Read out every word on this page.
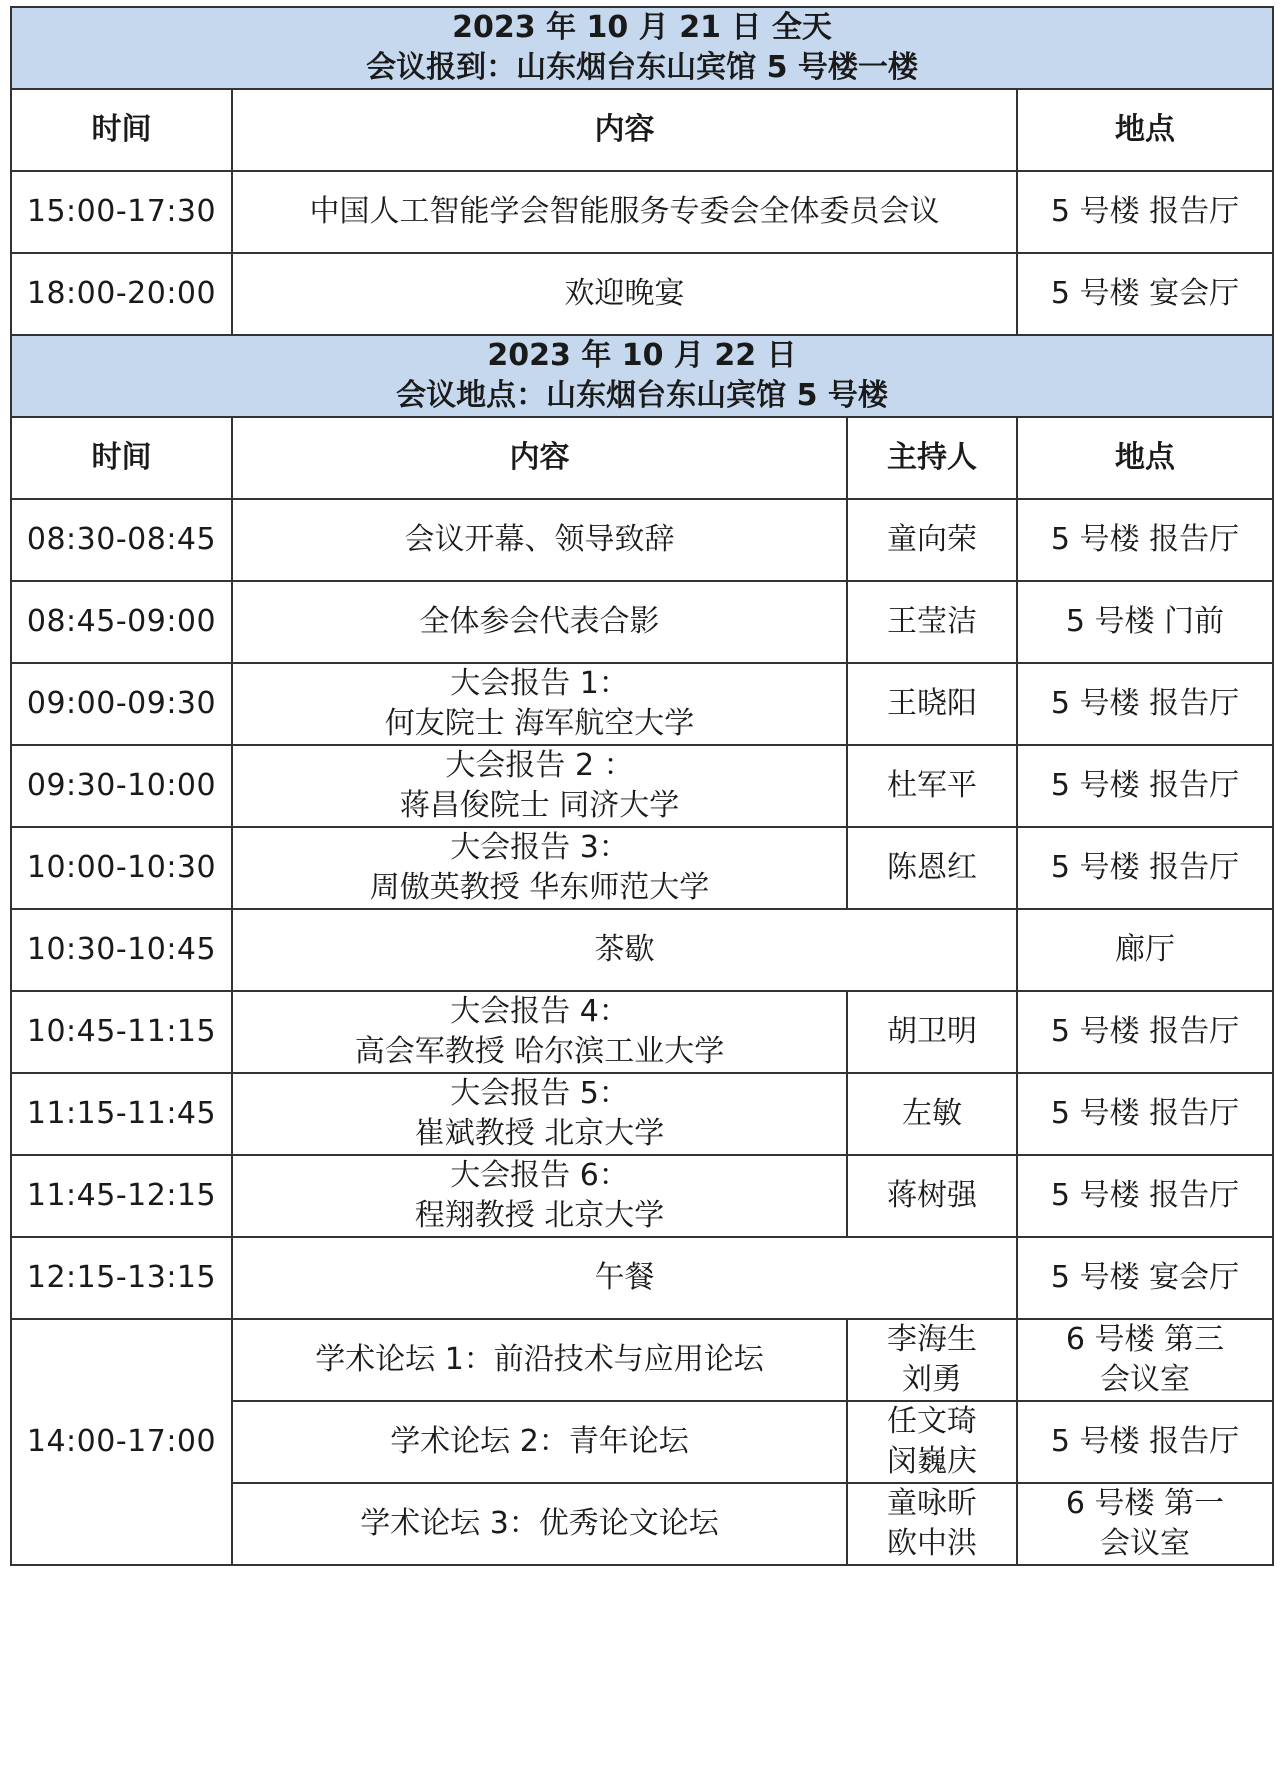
2023 年 10 月 21 日 全天
会议报到：山东烟台东山宾馆 5 号楼一楼			

时间	内容		地点
15:00-17:30	中国人工智能学会智能服务专委会全体委员会议		5 号楼 报告厅
18:00-20:00	欢迎晚宴		5 号楼 宴会厅

2023 年 10 月 22 日
会议地点：山东烟台东山宾馆 5 号楼			

时间	内容	主持人	地点
08:30-08:45	会议开幕、领导致辞	童向荣	5 号楼 报告厅
08:45-09:00	全体参会代表合影	王莹洁	5 号楼 门前
09:00-09:30	大会报告 1：
何友院士 海军航空大学	王晓阳	5 号楼 报告厅
09:30-10:00	大会报告 2 ：
蒋昌俊院士 同济大学	杜军平	5 号楼 报告厅
10:00-10:30	大会报告 3：
周傲英教授 华东师范大学	陈恩红	5 号楼 报告厅
10:30-10:45	茶歇		廊厅
10:45-11:15	大会报告 4：
高会军教授 哈尔滨工业大学	胡卫明	5 号楼 报告厅
11:15-11:45	大会报告 5：
崔斌教授 北京大学	左敏	5 号楼 报告厅
11:45-12:15	大会报告 6：
程翔教授 北京大学	蒋树强	5 号楼 报告厅
12:15-13:15	午餐		5 号楼 宴会厅
14:00-17:00	学术论坛 1：前沿技术与应用论坛	李海生
刘勇	6 号楼 第三
会议室

	学术论坛 2：青年论坛	任文琦
闵巍庆	5 号楼 报告厅
	学术论坛 3：优秀论文论坛	童咏昕
欧中洪	6 号楼 第一
会议室
